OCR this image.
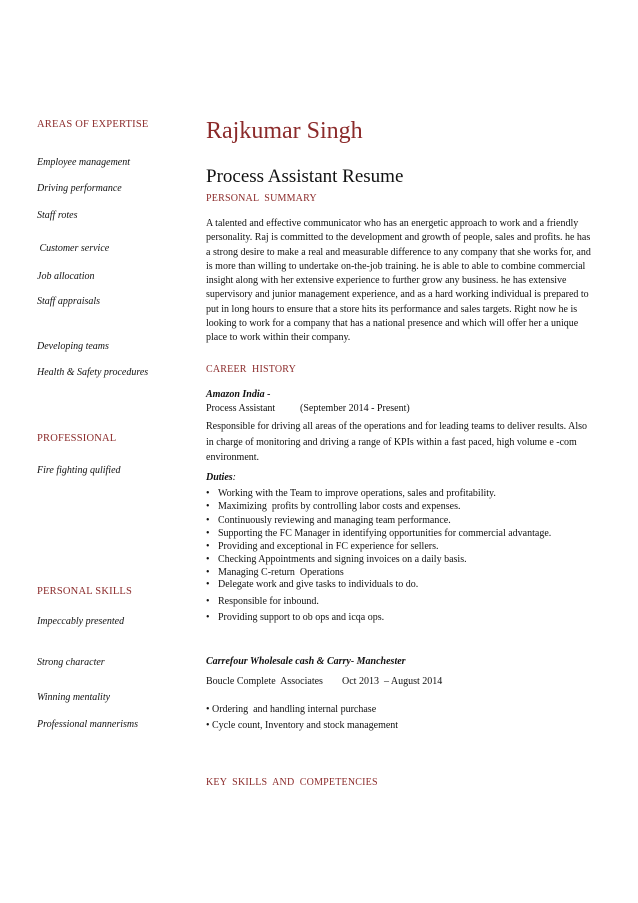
AREAS OF EXPERTISE
Employee management
Driving performance
Staff rotes
Customer service
Job allocation
Staff appraisals
Developing teams
Health & Safety procedures
PROFESSIONAL
Fire fighting qulified
PERSONAL SKILLS
Impeccably presented
Strong character
Winning mentality
Professional mannerisms
Rajkumar Singh
Process Assistant Resume
PERSONAL  SUMMARY
A talented and effective communicator who has an energetic approach to work and a friendly personality. Raj is committed to the development and growth of people, sales and profits. he has a strong desire to make a real and measurable difference to any company that she works for, and is more than willing to undertake on-the-job training. he is able to able to combine commercial insight along with her extensive experience to further grow any business. he has extensive supervisory and junior management experience, and as a hard working individual is prepared to put in long hours to ensure that a store hits its performance and sales targets. Right now he is looking to work for a company that has a national presence and which will offer her a unique place to work within their company.
CAREER  HISTORY
Amazon India -
Process Assistant (September 2014 - Present)
Responsible for driving all areas of the operations and for leading teams to deliver results. Also in charge of monitoring and driving a range of KPIs within a fast paced, high volume e -com environment.
Duties:
• Working with the Team to improve operations, sales and profitability.
• Maximizing  profits by controlling labor costs and expenses.
• Continuously reviewing and managing team performance.
• Supporting the FC Manager in identifying opportunities for commercial advantage.
• Providing and exceptional in FC experience for sellers.
• Checking Appointments and signing invoices on a daily basis.
• Managing C-return  Operations
• Delegate work and give tasks to individuals to do.
• Responsible for inbound.
• Providing support to ob ops and icqa ops.
Carrefour Wholesale cash & Carry- Manchester
Boucle Complete  Associates Oct 2013  – August 2014
• Ordering  and handling internal purchase
• Cycle count, Inventory and stock management
KEY  SKILLS  AND  COMPETENCIES
